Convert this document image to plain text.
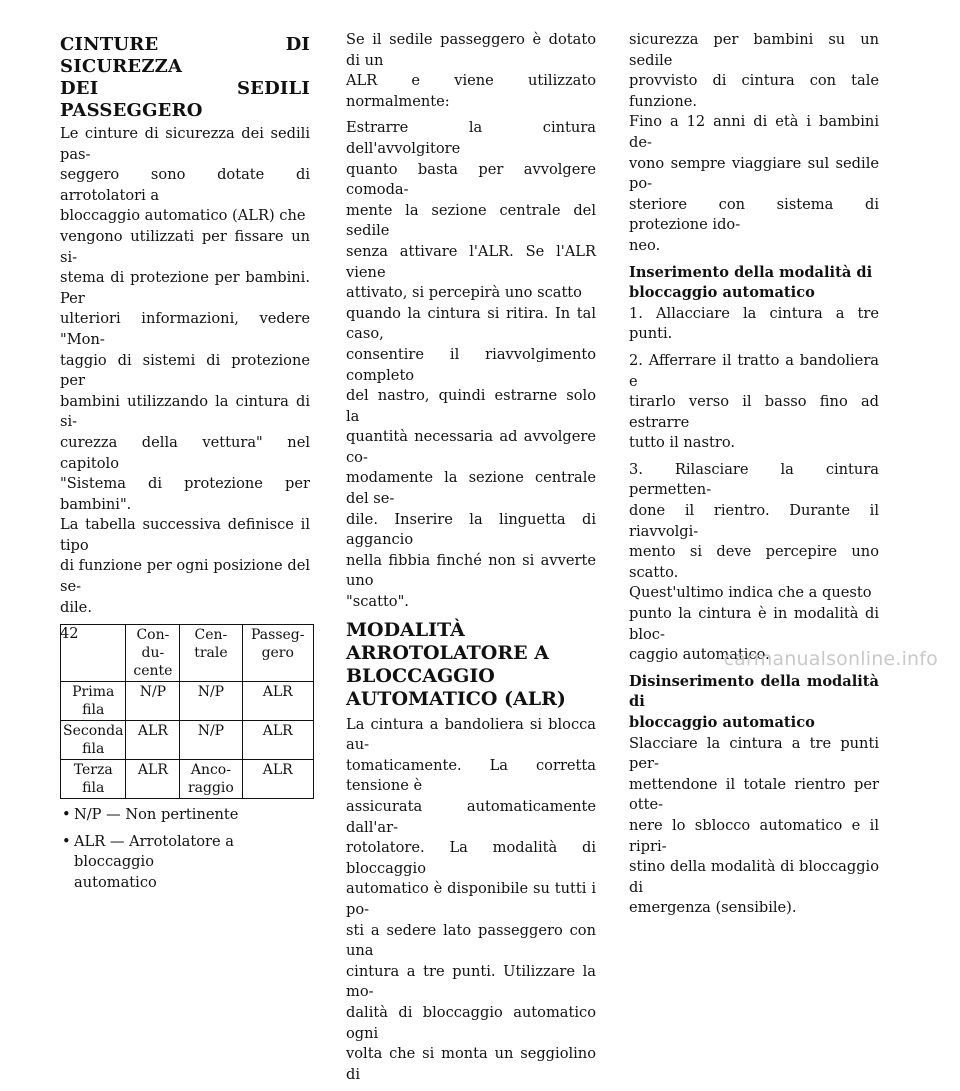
CINTURE DI SICUREZZA
DEI SEDILI PASSEGGERO

Le cinture di sicurezza dei sedili pas-
seggero sono dotate di arrotolatori a
bloccaggio automatico (ALR) che
vengono utilizzati per fissare un si-
stema di protezione per bambini. Per
ulteriori informazioni, vedere "Mon-
taggio di sistemi di protezione per
bambini utilizzando la cintura di si-
curezza della vettura" nel capitolo
"Sistema di protezione per bambini".
La tabella successiva definisce il tipo
di funzione per ogni posizione del se-
dile.

	Con-
du-
cente	Cen-
trale	Passeg-
gero
Prima
fila	N/P	N/P	ALR
Seconda
fila	ALR	N/P	ALR
Terza
fila	ALR	Anco-
raggio	ALR
• N/P — Non pertinente
• ALR — Arrotolatore a bloccaggio
automatico

Se il sedile passeggero è dotato di un
ALR e viene utilizzato normalmente:

Estrarre la cintura dell'avvolgitore
quanto basta per avvolgere comoda-
mente la sezione centrale del sedile
senza attivare l'ALR. Se l'ALR viene
attivato, si percepirà uno scatto
quando la cintura si ritira. In tal caso,
consentire il riavvolgimento completo
del nastro, quindi estrarne solo la
quantità necessaria ad avvolgere co-
modamente la sezione centrale del se-
dile. Inserire la linguetta di aggancio
nella fibbia finché non si avverte uno
"scatto".

MODALITÀ
ARROTOLATORE A
BLOCCAGGIO
AUTOMATICO (ALR)

La cintura a bandoliera si blocca au-
tomaticamente. La corretta tensione è
assicurata automaticamente dall'ar-
rotolatore. La modalità di bloccaggio
automatico è disponibile su tutti i po-
sti a sedere lato passeggero con una
cintura a tre punti. Utilizzare la mo-
dalità di bloccaggio automatico ogni
volta che si monta un seggiolino di

sicurezza per bambini su un sedile
provvisto di cintura con tale funzione.
Fino a 12 anni di età i bambini de-
vono sempre viaggiare sul sedile po-
steriore con sistema di protezione ido-
neo.

Inserimento della modalità di
bloccaggio automatico

1. Allacciare la cintura a tre punti.

2. Afferrare il tratto a bandoliera e
tirarlo verso il basso fino ad estrarre
tutto il nastro.

3. Rilasciare la cintura permetten-
done il rientro. Durante il riavvolgi-
mento si deve percepire uno scatto.
Quest'ultimo indica che a questo
punto la cintura è in modalità di bloc-
caggio automatico.

Disinserimento della modalità di
bloccaggio automatico

Slacciare la cintura a tre punti per-
mettendone il totale rientro per otte-
nere lo sblocco automatico e il ripri-
stino della modalità di bloccaggio di
emergenza (sensibile).

42
carmanualsonline.info
